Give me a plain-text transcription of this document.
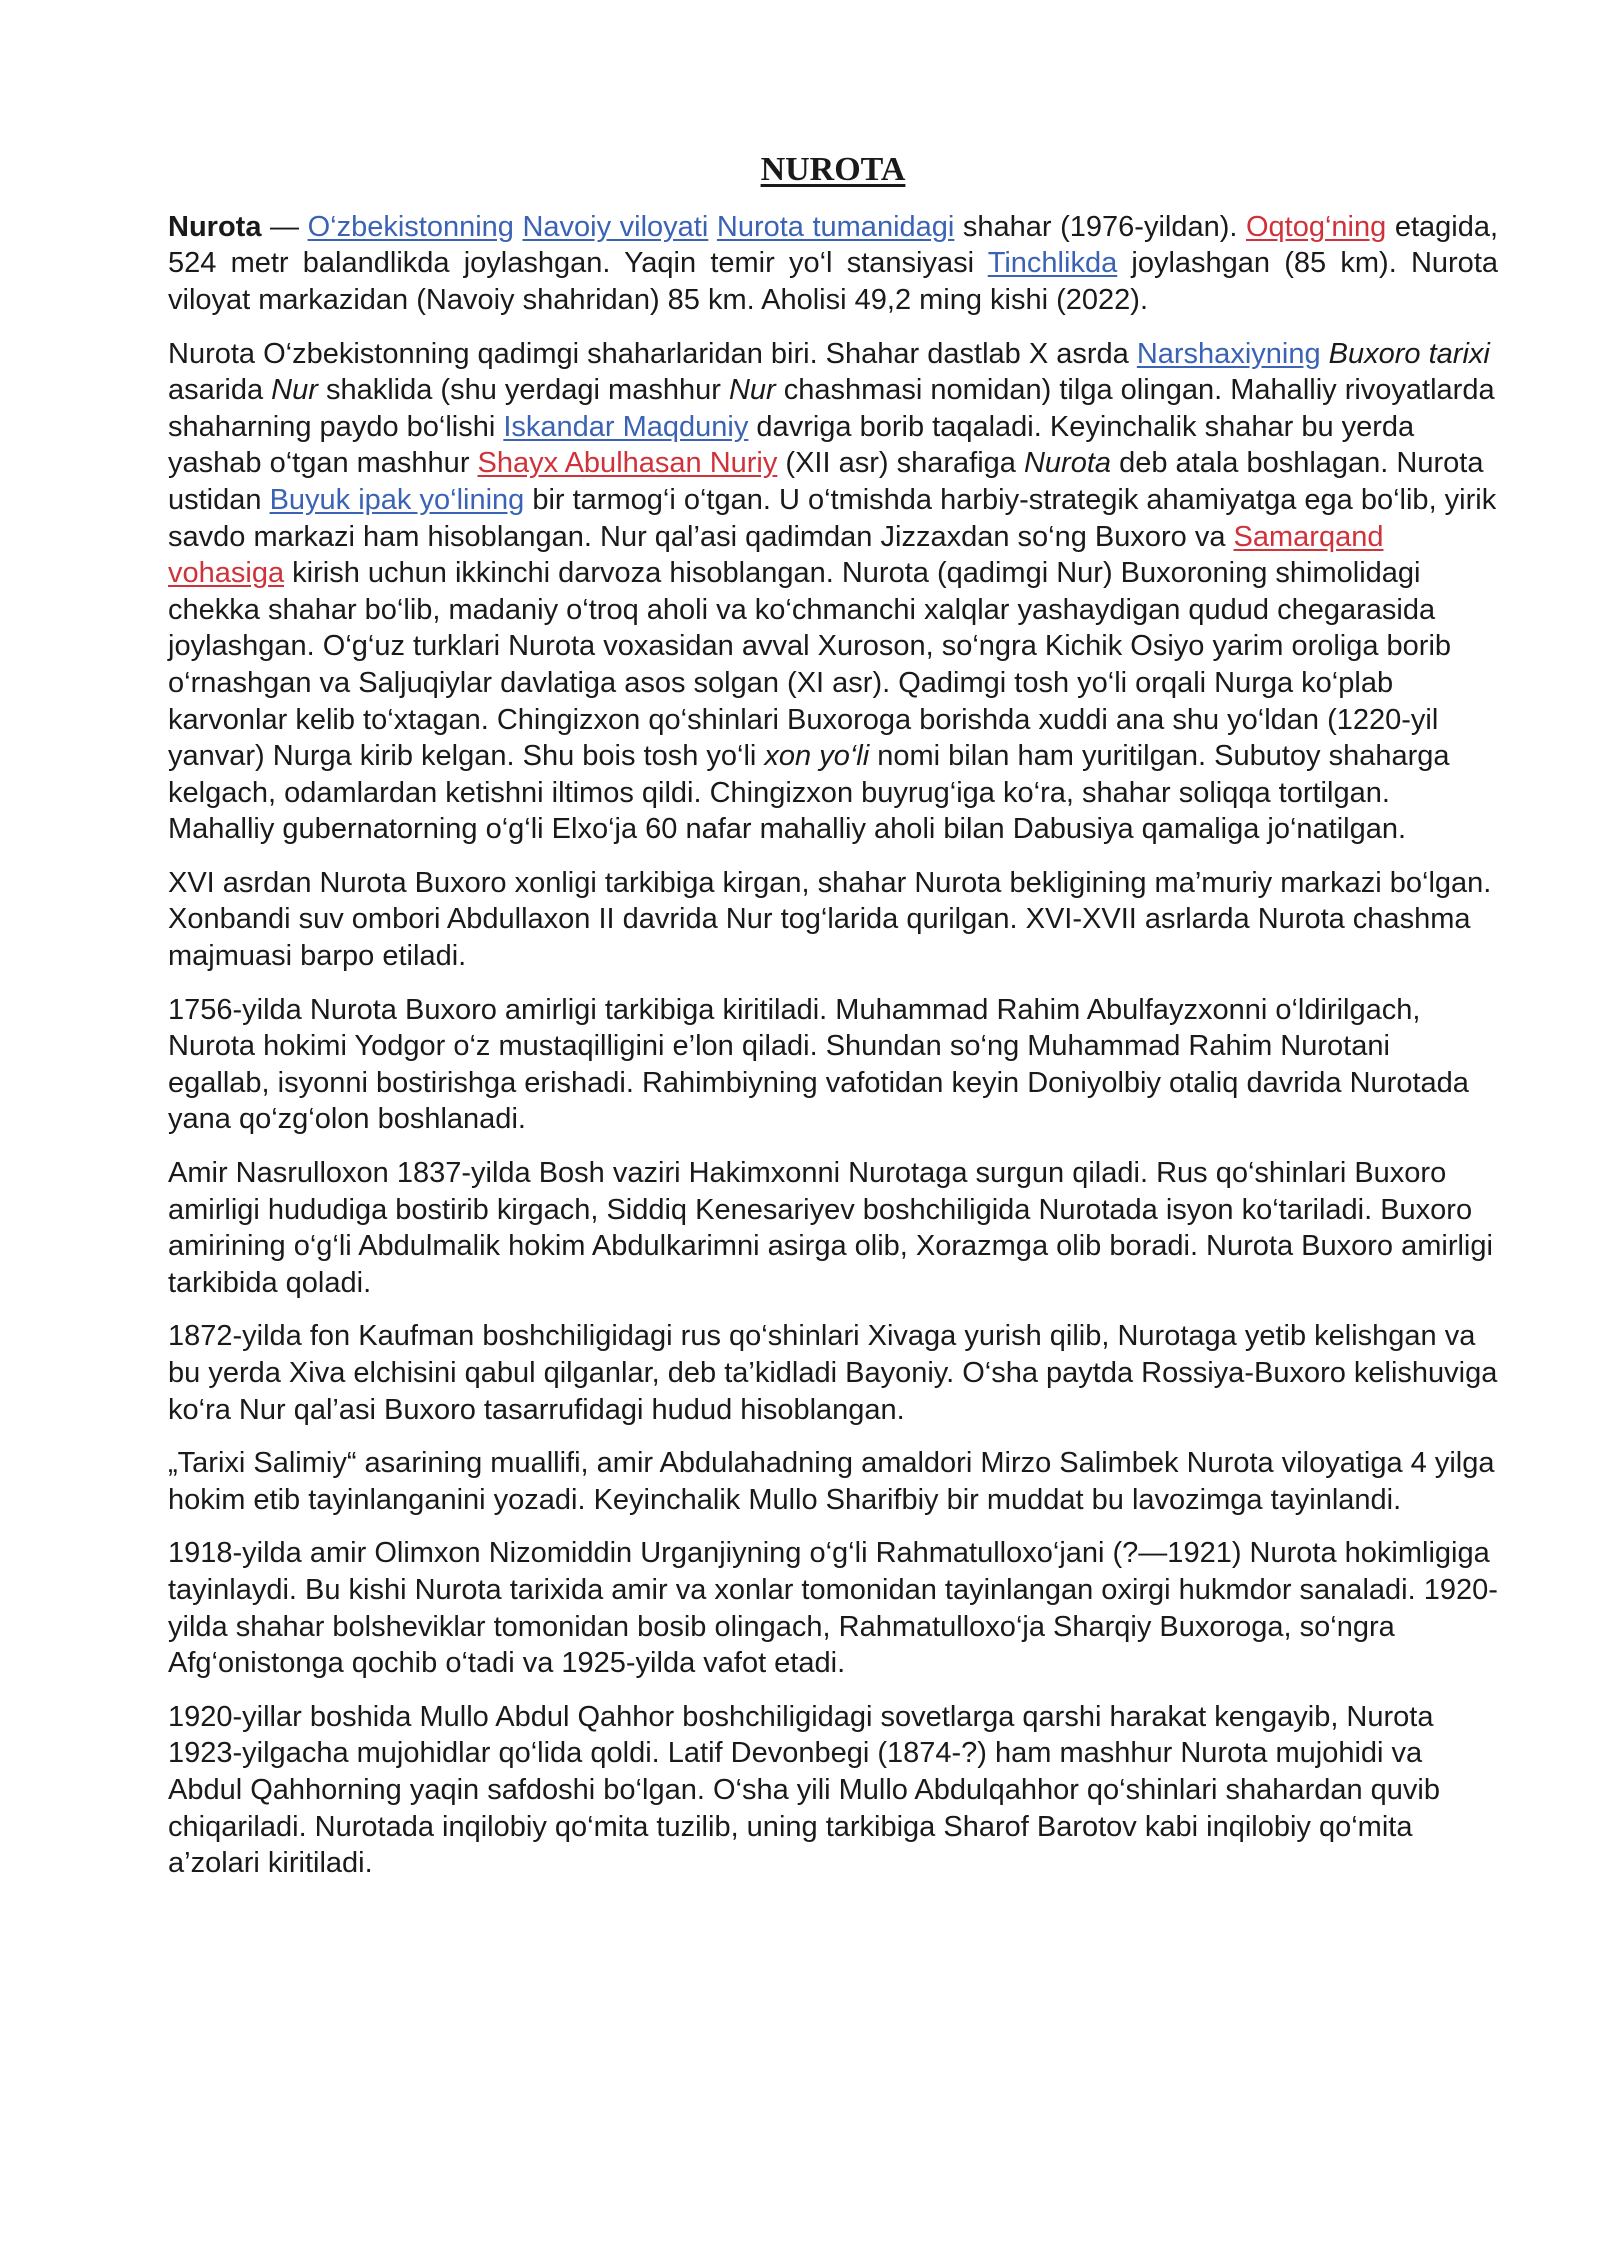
NUROTA

Nurota — O‘zbekistonning Navoiy viloyati Nurota tumanidagi shahar (1976-yildan). Oqtog‘ning etagida, 524 metr balandlikda joylashgan. Yaqin temir yo‘l stansiyasi Tinchlikda joylashgan (85 km). Nurota viloyat markazidan (Navoiy shahridan) 85 km. Aholisi 49,2 ming kishi (2022).

Nurota O‘zbekistonning qadimgi shaharlaridan biri. Shahar dastlab X asrda Narshaxiyning Buxoro tarixi asarida Nur shaklida (shu yerdagi mashhur Nur chashmasi nomidan) tilga olingan. Mahalliy rivoyatlarda shaharning paydo bo‘lishi Iskandar Maqduniy davriga borib taqaladi. Keyinchalik shahar bu yerda yashab o‘tgan mashhur Shayx Abulhasan Nuriy (XII asr) sharafiga Nurota deb atala boshlagan. Nurota ustidan Buyuk ipak yo‘lining bir tarmog‘i o‘tgan. U o‘tmishda harbiy-strategik ahamiyatga ega bo‘lib, yirik savdo markazi ham hisoblangan. Nur qal’asi qadimdan Jizzaxdan so‘ng Buxoro va Samarqand vohasiga kirish uchun ikkinchi darvoza hisoblangan. Nurota (qadimgi Nur) Buxoroning shimolidagi chekka shahar bo‘lib, madaniy o‘troq aholi va ko‘chmanchi xalqlar yashaydigan qudud chegarasida joylashgan. O‘g‘uz turklari Nurota voxasidan avval Xuroson, so‘ngra Kichik Osiyo yarim oroliga borib o‘rnashgan va Saljuqiylar davlatiga asos solgan (XI asr). Qadimgi tosh yo‘li orqali Nurga ko‘plab karvonlar kelib to‘xtagan. Chingizxon qo‘shinlari Buxoroga borishda xuddi ana shu yo‘ldan (1220-yil yanvar) Nurga kirib kelgan. Shu bois tosh yo‘li xon yo‘li nomi bilan ham yuritilgan. Subutoy shaharga kelgach, odamlardan ketishni iltimos qildi. Chingizxon buyrug‘iga ko‘ra, shahar soliqqa tortilgan. Mahalliy gubernatorning o‘g‘li Elxo‘ja 60 nafar mahalliy aholi bilan Dabusiya qamaliga jo‘natilgan.

XVI asrdan Nurota Buxoro xonligi tarkibiga kirgan, shahar Nurota bekligining ma’muriy markazi bo‘lgan. Xonbandi suv ombori Abdullaxon II davrida Nur tog‘larida qurilgan. XVI-XVII asrlarda Nurota chashma majmuasi barpo etiladi.

1756-yilda Nurota Buxoro amirligi tarkibiga kiritiladi. Muhammad Rahim Abulfayzxonni o‘ldirilgach, Nurota hokimi Yodgor o‘z mustaqilligini e’lon qiladi. Shundan so‘ng Muhammad Rahim Nurotani egallab, isyonni bostirishga erishadi. Rahimbiyning vafotidan keyin Doniyolbiy otaliq davrida Nurotada yana qo‘zg‘olon boshlanadi.

Amir Nasrulloxon 1837-yilda Bosh vaziri Hakimxonni Nurotaga surgun qiladi. Rus qo‘shinlari Buxoro amirligi hududiga bostirib kirgach, Siddiq Kenesariyev boshchiligida Nurotada isyon ko‘tariladi. Buxoro amirining o‘g‘li Abdulmalik hokim Abdulkarimni asirga olib, Xorazmga olib boradi. Nurota Buxoro amirligi tarkibida qoladi.

1872-yilda fon Kaufman boshchiligidagi rus qo‘shinlari Xivaga yurish qilib, Nurotaga yetib kelishgan va bu yerda Xiva elchisini qabul qilganlar, deb ta’kidladi Bayoniy. O‘sha paytda Rossiya-Buxoro kelishuviga ko‘ra Nur qal’asi Buxoro tasarrufidagi hudud hisoblangan.

„Tarixi Salimiy“ asarining muallifi, amir Abdulahadning amaldori Mirzo Salimbek Nurota viloyatiga 4 yilga hokim etib tayinlanganini yozadi. Keyinchalik Mullo Sharifbiy bir muddat bu lavozimga tayinlandi.

1918-yilda amir Olimxon Nizomiddin Urganjiyning o‘g‘li Rahmatulloxo‘jani (?—1921) Nurota hokimligiga tayinlaydi. Bu kishi Nurota tarixida amir va xonlar tomonidan tayinlangan oxirgi hukmdor sanaladi. 1920-yilda shahar bolsheviklar tomonidan bosib olingach, Rahmatulloxo‘ja Sharqiy Buxoroga, so‘ngra Afg‘onistonga qochib o‘tadi va 1925-yilda vafot etadi.

1920-yillar boshida Mullo Abdul Qahhor boshchiligidagi sovetlarga qarshi harakat kengayib, Nurota 1923-yilgacha mujohidlar qo‘lida qoldi. Latif Devonbegi (1874-?) ham mashhur Nurota mujohidi va Abdul Qahhorning yaqin safdoshi bo‘lgan. O‘sha yili Mullo Abdulqahhor qo‘shinlari shahardan quvib chiqariladi. Nurotada inqilobiy qo‘mita tuzilib, uning tarkibiga Sharof Barotov kabi inqilobiy qo‘mita a’zolari kiritiladi.
